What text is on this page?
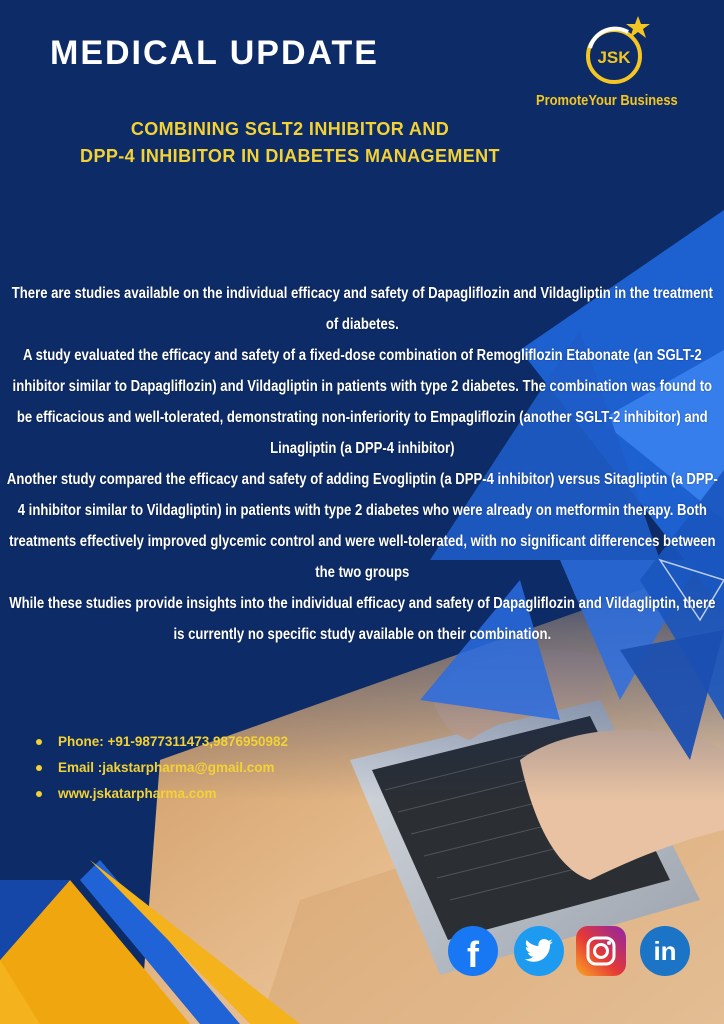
MEDICAL UPDATE
COMBINING SGLT2 INHIBITOR AND
DPP-4 INHIBITOR IN DIABETES MANAGEMENT
JSK
PromoteYour Business

There are studies available on the individual efficacy and safety of Dapagliflozin and Vildagliptin in the treatment of diabetes.

A study evaluated the efficacy and safety of a fixed-dose combination of Remogliflozin Etabonate (an SGLT-2 inhibitor similar to Dapagliflozin) and Vildagliptin in patients with type 2 diabetes. The combination was found to be efficacious and well-tolerated, demonstrating non-inferiority to Empagliflozin (another SGLT-2 inhibitor) and Linagliptin (a DPP-4 inhibitor)

Another study compared the efficacy and safety of adding Evogliptin (a DPP-4 inhibitor) versus Sitagliptin (a DPP-4 inhibitor similar to Vildagliptin) in patients with type 2 diabetes who were already on metformin therapy. Both treatments effectively improved glycemic control and were well-tolerated, with no significant differences between the two groups

While these studies provide insights into the individual efficacy and safety of Dapagliflozin and Vildagliptin, there is currently no specific study available on their combination.

Phone: +91-9877311473,9876950982
Email :jakstarpharma@gmail.com
www.jskatarpharma.com
f	in
